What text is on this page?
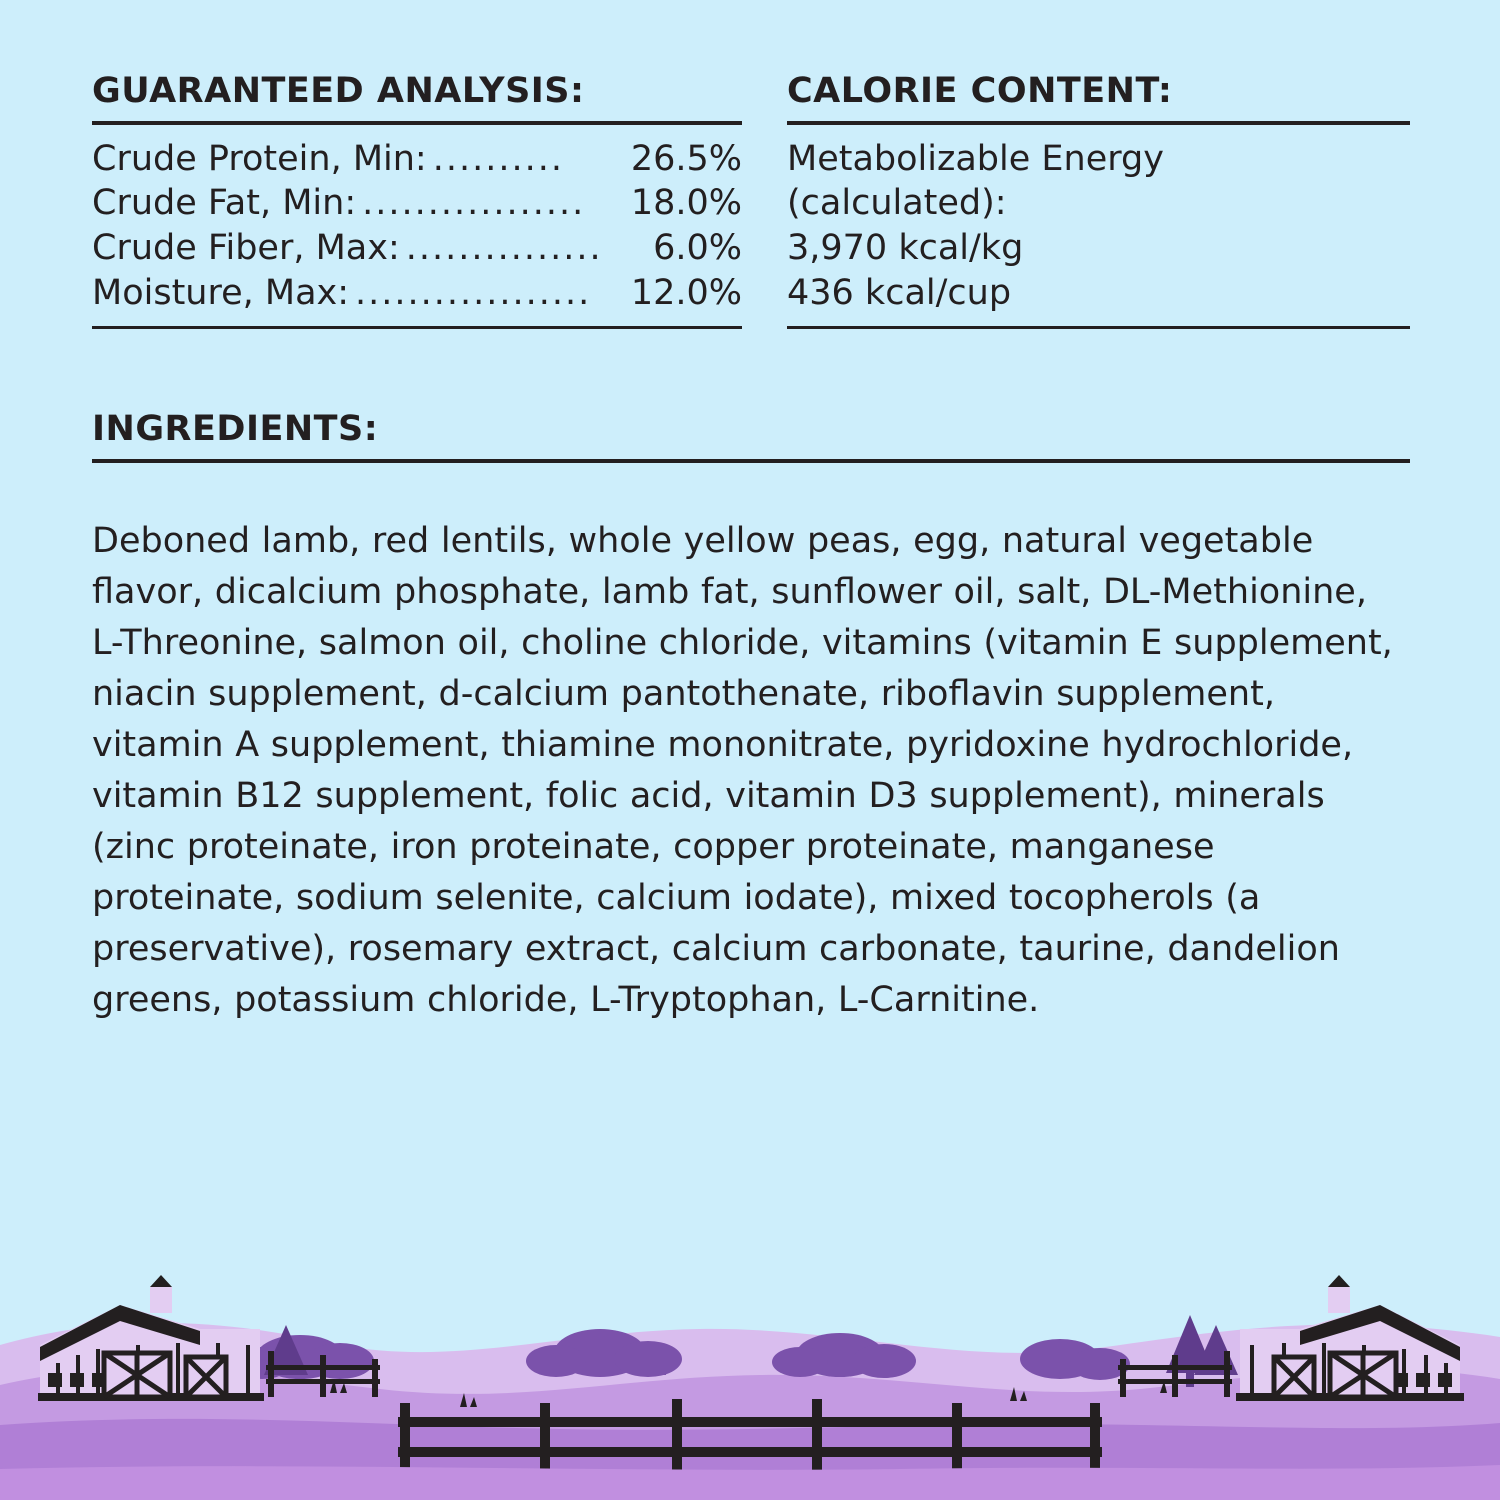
GUARANTEED ANALYSIS:
Crude Protein, Min: ..........	26.5%
Crude Fat, Min: .................	18.0%
Crude Fiber, Max: ...............	6.0%
Moisture, Max: ..................	12.0%
CALORIE CONTENT:
Metabolizable Energy
(calculated):
3,970 kcal/kg
436 kcal/cup
INGREDIENTS:

Deboned lamb, red lentils, whole yellow peas, egg, natural vegetable flavor, dicalcium phosphate, lamb fat, sunflower oil, salt, DL-Methionine, L-Threonine, salmon oil, choline chloride, vitamins (vitamin E supplement, niacin supplement, d-calcium pantothenate, riboflavin supplement, vitamin A supplement, thiamine mononitrate, pyridoxine hydrochloride, vitamin B12 supplement, folic acid, vitamin D3 supplement), minerals (zinc proteinate, iron proteinate, copper proteinate, manganese proteinate, sodium selenite, calcium iodate), mixed tocopherols (a preservative), rosemary extract, calcium carbonate, taurine, dandelion greens, potassium chloride, L-Tryptophan, L-Carnitine.
